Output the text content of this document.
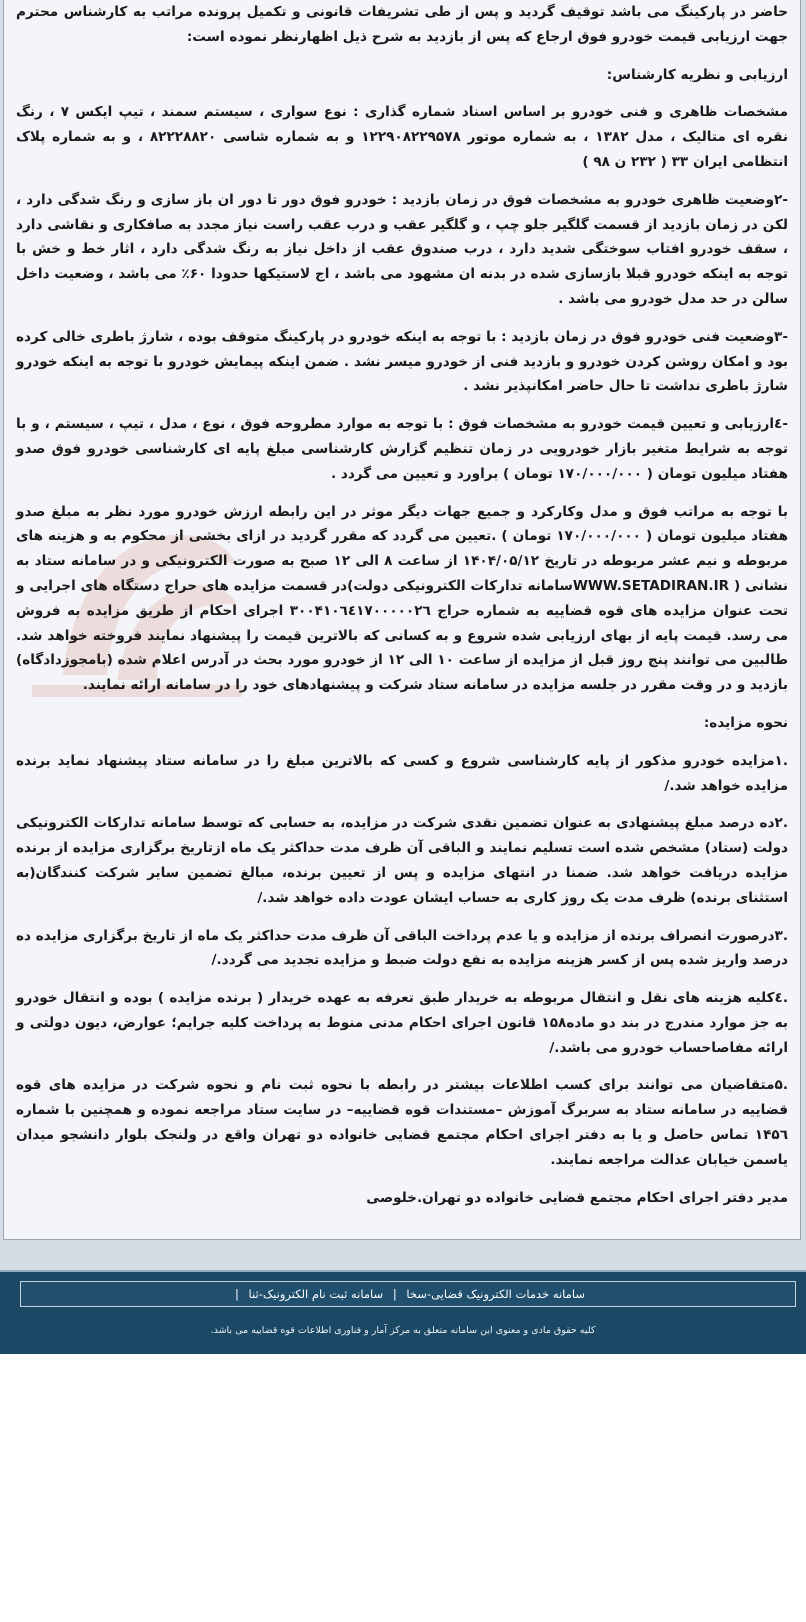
حاضر در پارکینگ می باشد توقیف گردید و پس از طی تشریفات قانونی و تکمیل پرونده مراتب به کارشناس محترم جهت ارزیابی قیمت خودرو فوق ارجاع که پس از بازدید به شرح ذیل اظهارنظر نموده است:

ارزیابی و نظریه کارشناس:

مشخصات ظاهری و فنی خودرو بر اساس اسناد شماره گذاری : نوع سواری ، سیستم سمند ، تیپ ایکس ۷ ، رنگ نقره ای متالیک ، مدل ۱۳۸۲ ، به شماره موتور ۱۲۲۹۰۸۲۲۹۵۷۸ و به شماره شاسی ۸۲۲۲۸۸۲۰ ، و به شماره پلاک انتظامی ایران ۳۳ ( ۲۳۲ ن ۹۸ )

-۲وضعیت ظاهری خودرو به مشخصات فوق در زمان بازدید : خودرو فوق دور تا دور ان باز سازی و رنگ شدگی دارد ، لکن در زمان بازدید از قسمت گلگیر جلو چپ ، و گلگیر عقب و درب عقب راست نیاز مجدد به صافکاری و نقاشی دارد ، سقف خودرو افتاب سوختگی شدید دارد ، درب صندوق عقب از داخل نیاز به رنگ شدگی دارد ، اثار خط و خش با توجه به اینکه خودرو قبلا بازسازی شده در بدنه ان مشهود می باشد ، اج لاستیکها حدودا ۶۰٪ می باشد ، وضعیت داخل سالن در حد مدل خودرو می باشد .

-۳وضعیت فنی خودرو فوق در زمان بازدید : با توجه به اینکه خودرو در پارکینگ متوقف بوده ، شارژ باطری خالی کرده بود و امکان روشن کردن خودرو و بازدید فنی از خودرو میسر نشد . ضمن اینکه پیمایش خودرو با توجه به اینکه خودرو شارژ باطری نداشت تا حال حاضر امکانپذیر نشد .

-٤ارزیابی و تعیین قیمت خودرو به مشخصات فوق : با توجه به موارد مطروحه فوق ، نوع ، مدل ، تیپ ، سیستم ، و با توجه به شرایط متغیر بازار خودرویی در زمان تنظیم گزارش کارشناسی مبلغ پایه ای کارشناسی خودرو فوق صدو هفتاد میلیون تومان ( ۱۷۰/۰۰۰/۰۰۰ تومان ) براورد و تعیین می گردد .

با توجه به مراتب فوق و مدل وکارکرد و جمیع جهات دیگر موثر در این رابطه ارزش خودرو مورد نظر به مبلغ صدو هفتاد میلیون تومان ( ۱۷۰/۰۰۰/۰۰۰ تومان ) .تعیین می گردد که مقرر گردید در ازای بخشی از محکوم به و هزینه های مربوطه و نیم عشر مربوطه در تاریخ ۱۴۰۴/۰۵/۱۲ از ساعت ۸ الی ۱۲ صبح به صورت الکترونیکی و در سامانه ستاد به نشانی ( WWW.SETADIRAN.IRسامانه تدارکات الکترونیکی دولت)در قسمت مزایده های حراج دستگاه های اجرایی و تحت عنوان مزایده های قوه قضاییه به شماره حراج ۳۰۰۴۱۰٦٤۱۷۰۰۰۰۰۲٦ اجرای احکام از طریق مزایده به فروش می رسد. قیمت پایه از بهای ارزیابی شده شروع و به کسانی که بالاترین قیمت را پیشنهاد نمایند فروخته خواهد شد. طالبین می توانند پنج روز قبل از مزایده از ساعت ۱۰ الی ۱۲ از خودرو مورد بحث در آدرس اعلام شده (بامجوزدادگاه) بازدید و در وقت مقرر در جلسه مزایده در سامانه ستاد شرکت و پیشنهادهای خود را در سامانه ارائه نمایند.

نحوه مزایده:

.۱مزایده خودرو مذکور از پایه کارشناسی شروع و کسی که بالاترین مبلغ را در سامانه ستاد پیشنهاد نماید برنده مزایده خواهد شد./

.۲ده درصد مبلغ پیشنهادی به عنوان تضمین نقدی شرکت در مزایده، به حسابی که توسط سامانه تدارکات الکترونیکی دولت (ستاد) مشخص شده است تسلیم نمایند و الباقی آن ظرف مدت حداکثر یک ماه ازتاریخ برگزاری مزایده از برنده مزایده دریافت خواهد شد. ضمنا در انتهای مزایده و پس از تعیین برنده، مبالغ تضمین سایر شرکت کنندگان(به استثنای برنده) ظرف مدت یک روز کاری به حساب ایشان عودت داده خواهد شد./

.۳درصورت انصراف برنده از مزایده و یا عدم پرداخت الباقی آن ظرف مدت حداکثر یک ماه از تاریخ برگزاری مزایده ده درصد واریز شده پس از کسر هزینه مزایده به نفع دولت ضبط و مزایده تجدید می گردد./

.٤کلیه هزینه های نقل و انتقال مربوطه به خریدار طبق تعرفه به عهده خریدار ( برنده مزایده ) بوده و انتقال خودرو به جز موارد مندرج در بند دو ماده۱۵۸ قانون اجرای احکام مدنی منوط به پرداخت کلیه جرایم؛ عوارض، دیون دولتی و ارائه مفاصاحساب خودرو می باشد./

.۵متقاضیان می توانند برای کسب اطلاعات بیشتر در رابطه با نحوه ثبت نام و نحوه شرکت در مزایده های قوه قضاییه در سامانه ستاد به سربرگ آموزش –مستندات قوه قضاییه– در سایت ستاد مراجعه نموده و همچنین با شماره ۱۴۵٦ تماس حاصل و یا به دفتر اجرای احکام مجتمع قضایی خانواده دو تهران واقع در ولنجک بلوار دانشجو میدان یاسمن خیابان عدالت مراجعه نمایند.

مدیر دفتر اجرای احکام مجتمع قضایی خانواده دو تهران.خلوصی

سامانه خدمات الکترونیک قضایی-سخا | سامانه ثبت نام الکترونیک-ثنا |
کلیه حقوق مادی و معنوی این سامانه متعلق به مرکز آمار و فناوری اطلاعات قوه قضاییه می باشد.
